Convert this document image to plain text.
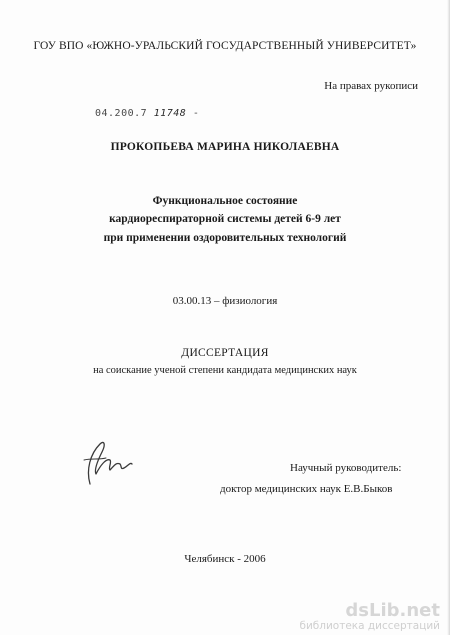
ГОУ ВПО «ЮЖНО-УРАЛЬСКИЙ ГОСУДАРСТВЕННЫЙ УНИВЕРСИТЕТ»
На правах рукописи
04.200.7 11748 -
ПРОКОПЬЕВА МАРИНА НИКОЛАЕВНА
Функциональное состояние
кардиореспираторной системы детей 6-9 лет
при применении оздоровительных технологий
03.00.13 – физиология
ДИССЕРТАЦИЯ
на соискание ученой степени кандидата медицинских наук
Научный руководитель:
доктор медицинских наук Е.В.Быков
Челябинск - 2006
dsLib.net
библиотека диссертаций
